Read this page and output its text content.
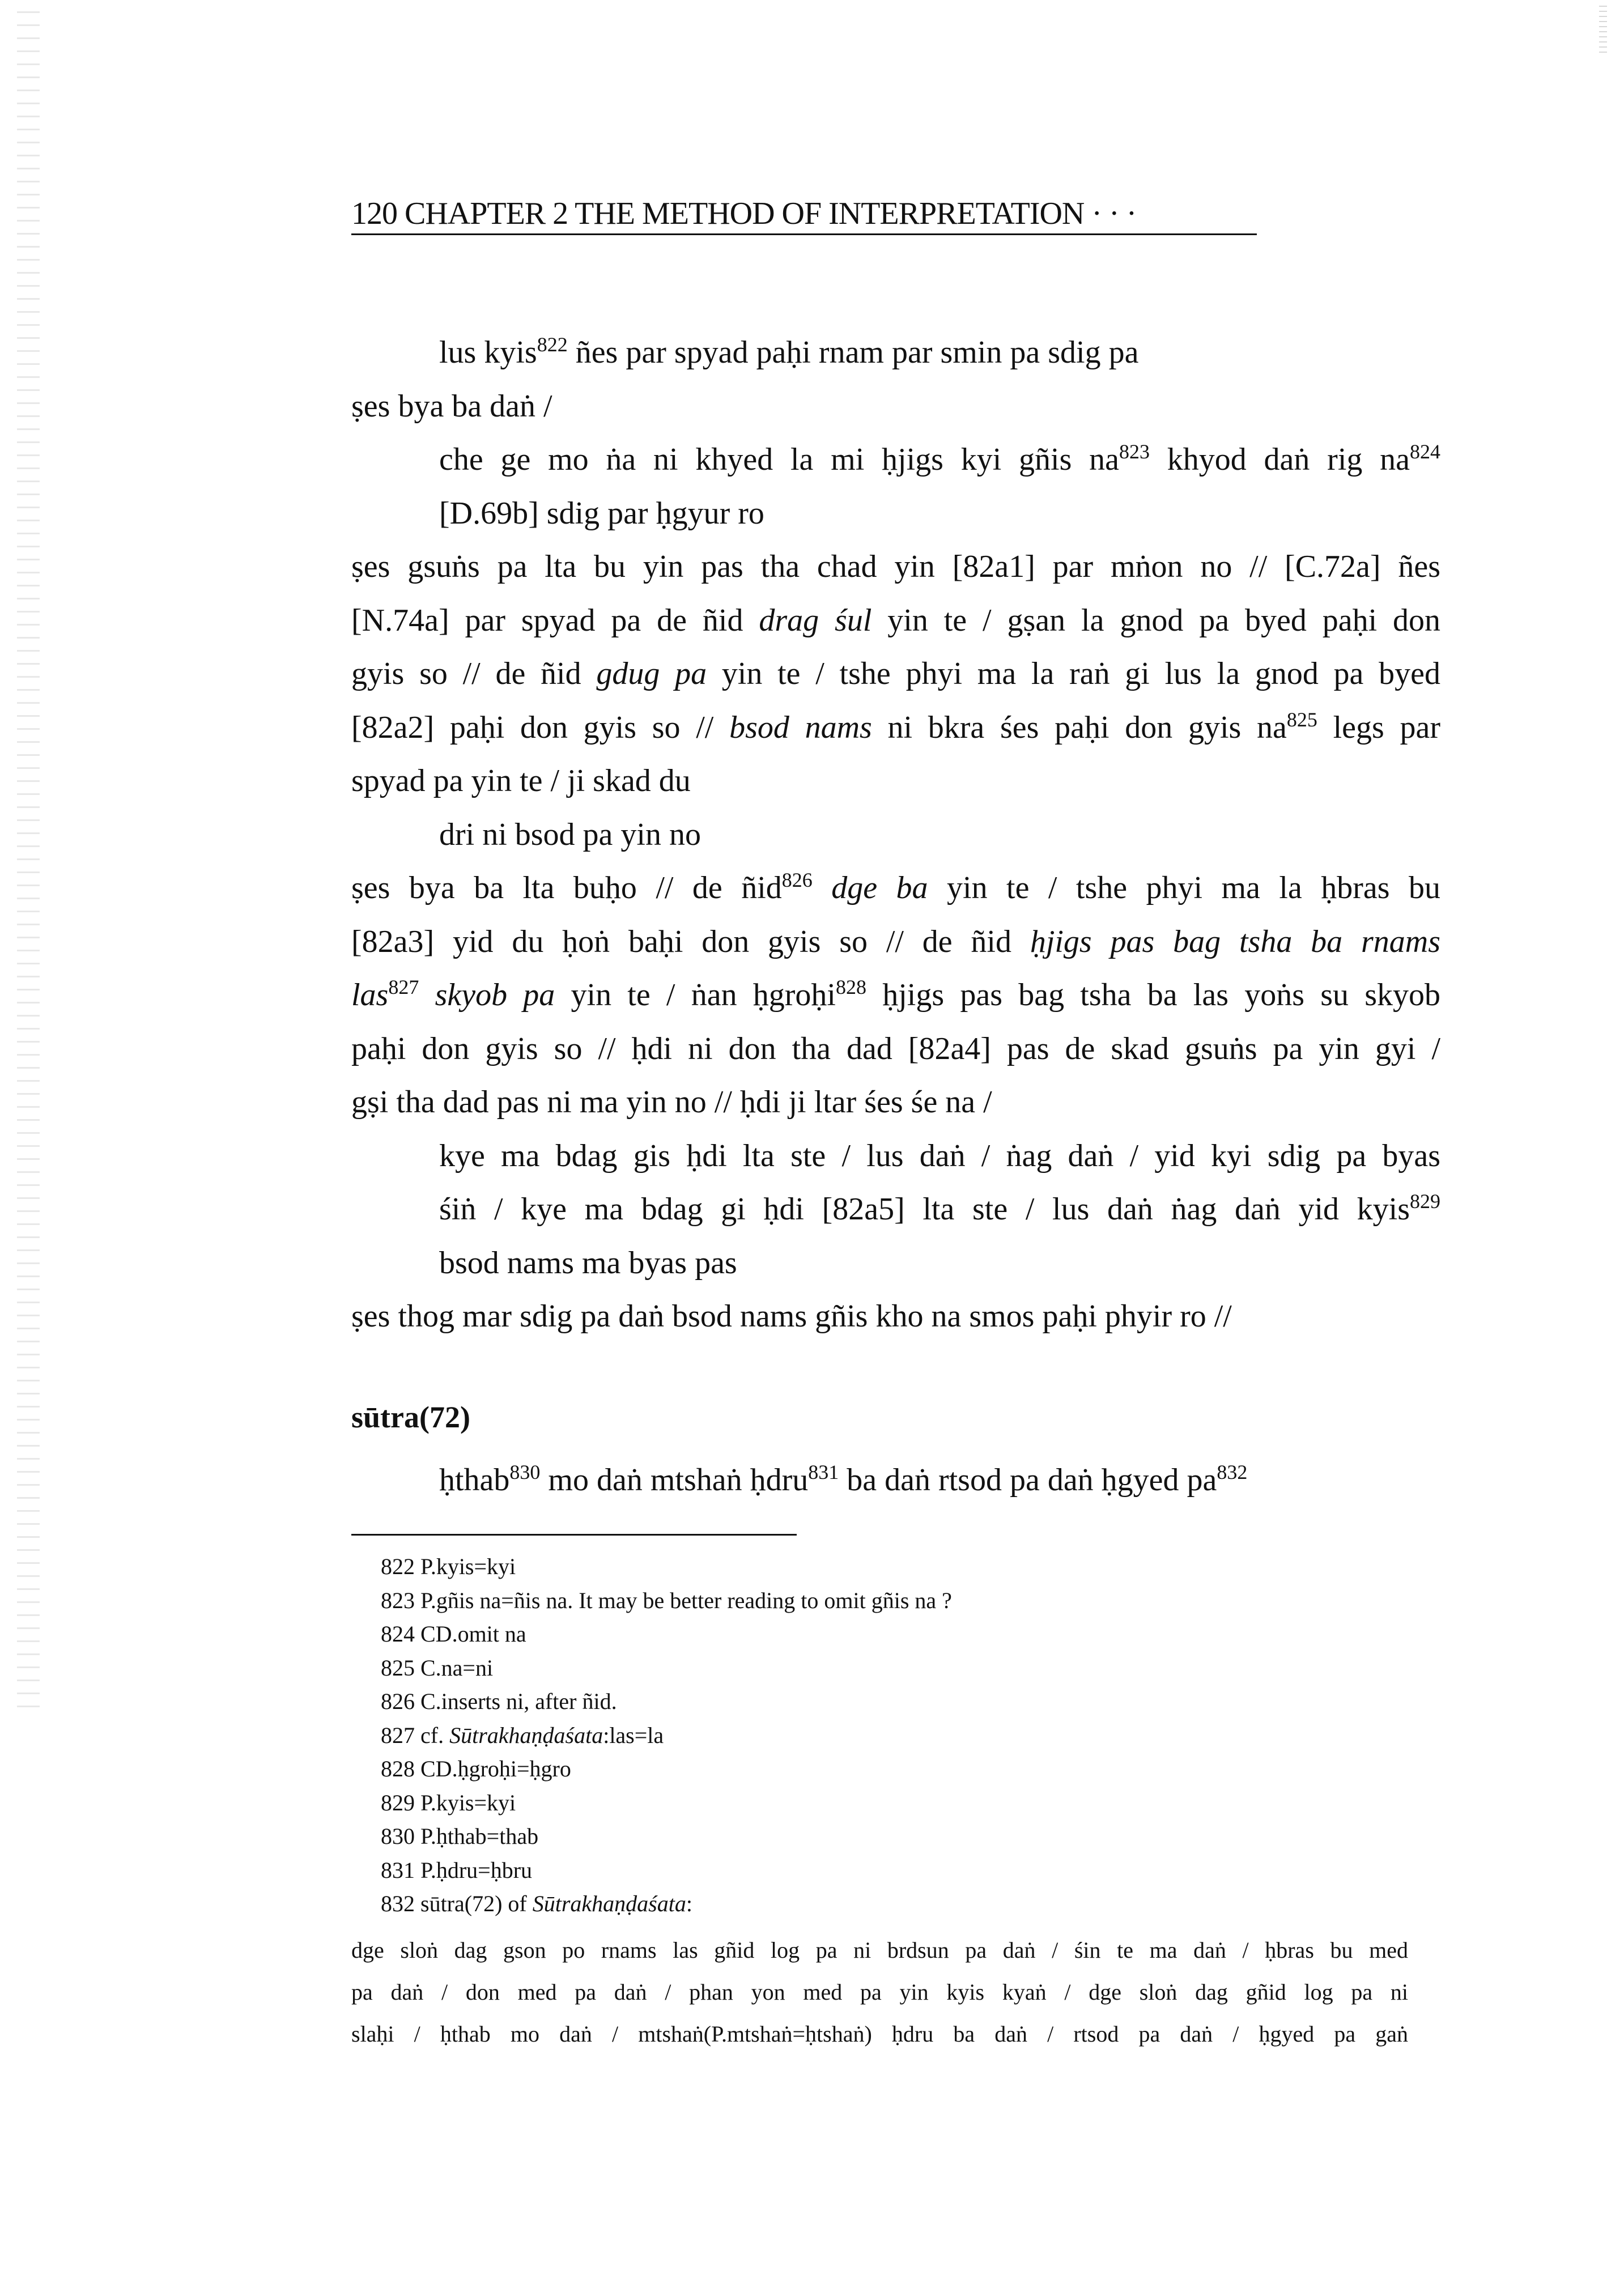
120 CHAPTER 2 THE METHOD OF INTERPRETATION · · ·
lus kyis$^{822}$ ñes par spyad paḥi rnam par smin pa sdig pa
ṣes bya ba daṅ /
che ge mo ṅa ni khyed la mi ḥjigs kyi gñis $na^{823}$ khyod daṅ rig $na^{824}$
[D.69b] sdig par ḥgyur ro
ṣes gsuṅs pa lta bu yin pas tha chad yin [82a1] par mṅon no // [C.72a] ñes
[N.74a] par spyad pa de ñid drag śul yin te / gṣan la gnod pa byed paḥi don
gyis so // de ñid gdug pa yin te / tshe phyi ma la raṅ gi lus la gnod pa byed
[82a2] paḥi don gyis so // bsod nams ni bkra śes paḥi don gyis $na^{825}$ legs par
spyad pa yin te / ji skad du
dri ni bsod pa yin no
ṣes bya ba lta buḥo // de ñid$^{826}$ dge ba yin te / tshe phyi ma la ḥbras bu
[82a3] yid du ḥoṅ baḥi don gyis so // de ñid ḥjigs pas bag tsha ba rnams
las$^{827}$ skyob pa yin te / ṅan ḥgroḥi$^{828}$ ḥjigs pas bag tsha ba las yoṅs su skyob
paḥi don gyis so // ḥdi ni don tha dad [82a4] pas de skad gsuṅs pa yin gyi /
gṣi tha dad pas ni ma yin no // ḥdi ji ltar śes śe na /
kye ma bdag gis ḥdi lta ste / lus daṅ / ṅag daṅ / yid kyi sdig pa byas
śiṅ / kye ma bdag gi ḥdi [82a5] lta ste / lus daṅ ṅag daṅ yid kyis$^{829}$
bsod nams ma byas pas
ṣes thog mar sdig pa daṅ bsod nams gñis kho na smos paḥi phyir ro //
sūtra(72)
ḥthab$^{830}$ mo daṅ mtshaṅ ḥdru$^{831}$ ba daṅ rtsod pa daṅ ḥgyed $pa^{832}$
822 P.kyis=kyi
823 P.gñis na=ñis na. It may be better reading to omit gñis na ?
824 CD.omit na
825 C.na=ni
826 C.inserts ni, after ñid.
827 cf. Sūtrakhaṇḍaśata:las=la
828 CD.ḥgroḥi=ḥgro
829 P.kyis=kyi
830 P.ḥthab=thab
831 P.ḥdru=ḥbru
832 sūtra(72) of Sūtrakhaṇḍaśata:
dge sloṅ dag gson po rnams las gñid log pa ni brdsun pa daṅ / śin te ma daṅ / ḥbras bu med
pa daṅ / don med pa daṅ / phan yon med pa yin kyis kyaṅ / dge sloṅ dag gñid log pa ni
slaḥi / ḥthab mo daṅ / mtshaṅ(P.mtshaṅ=ḥtshaṅ) ḥdru ba daṅ / rtsod pa daṅ / ḥgyed pa gaṅ
